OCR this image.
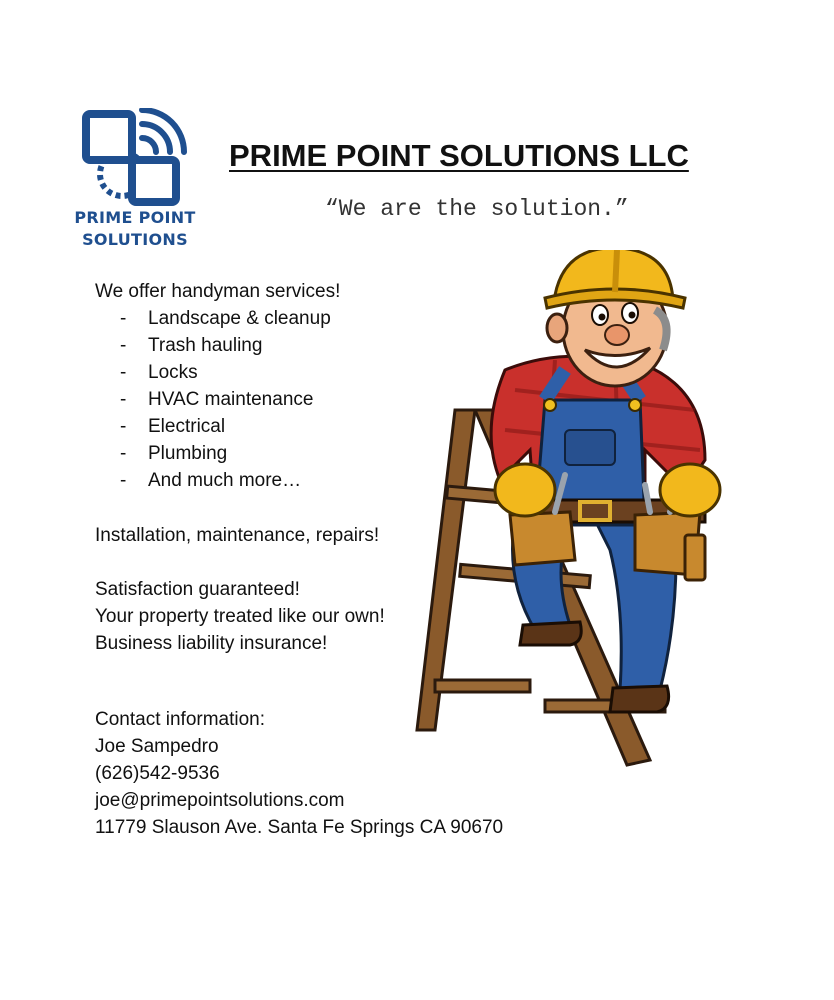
PRIME POINT
SOLUTIONS
PRIME POINT SOLUTIONS LLC
“We are the solution.”
We offer handyman services!
-	Landscape & cleanup
-	Trash hauling
-	Locks
-	HVAC maintenance
-	Electrical
-	Plumbing
-	And much more…
Installation, maintenance, repairs!
Satisfaction guaranteed!
Your property treated like our own!
Business liability insurance!
Contact information:
Joe Sampedro
(626)542-9536
joe@primepointsolutions.com
11779 Slauson Ave. Santa Fe Springs CA 90670
